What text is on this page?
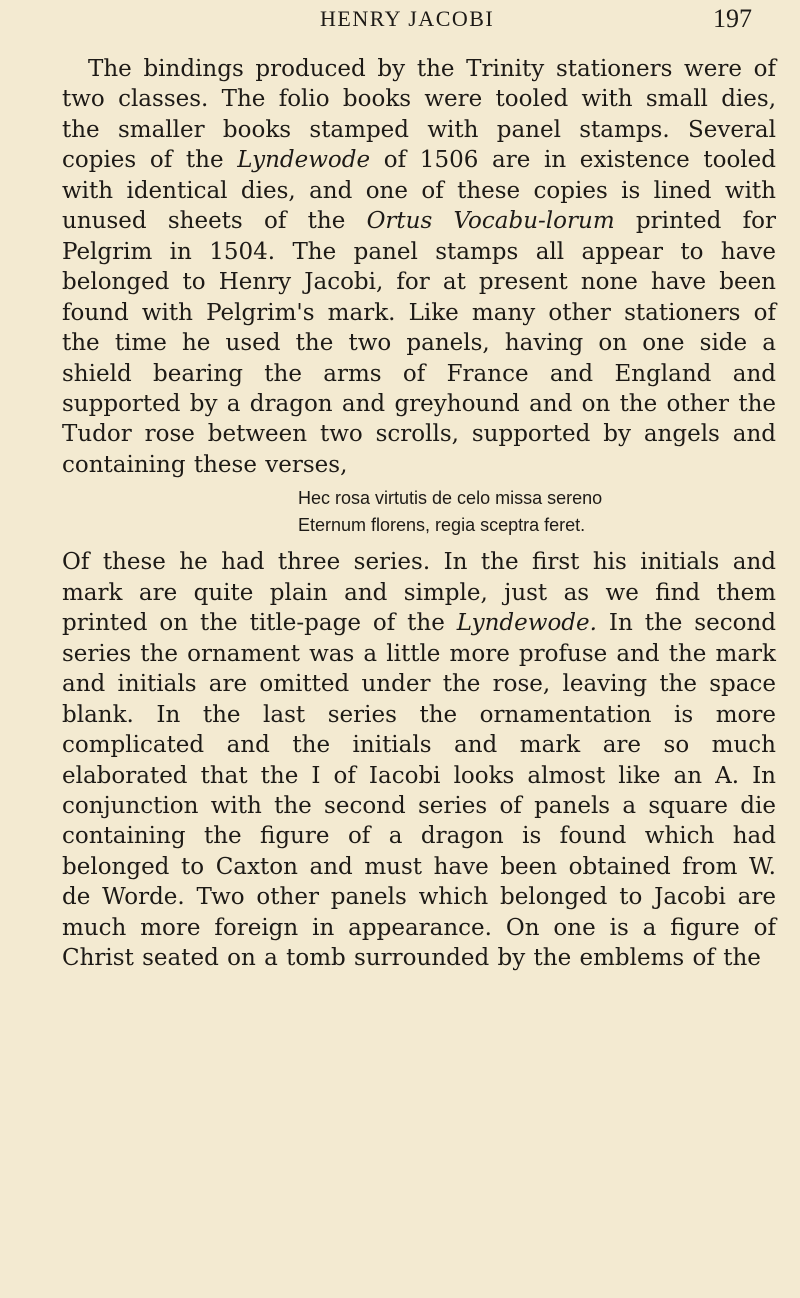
HENRY JACOBI	197

The bindings produced by the Trinity stationers were of two classes. The folio books were tooled with small dies, the smaller books stamped with panel stamps. Several copies of the Lyndewode of 1506 are in existence tooled with identical dies, and one of these copies is lined with unused sheets of the Ortus Vocabu-lorum printed for Pelgrim in 1504. The panel stamps all appear to have belonged to Henry Jacobi, for at present none have been found with Pelgrim's mark. Like many other stationers of the time he used the two panels, having on one side a shield bearing the arms of France and England and supported by a dragon and greyhound and on the other the Tudor rose between two scrolls, supported by angels and containing these verses,

Hec rosa virtutis de celo missa sereno
Eternum florens, regia sceptra feret.

Of these he had three series. In the first his initials and mark are quite plain and simple, just as we find them printed on the title-page of the Lyndewode. In the second series the ornament was a little more profuse and the mark and initials are omitted under the rose, leaving the space blank. In the last series the ornamentation is more complicated and the initials and mark are so much elaborated that the I of Iacobi looks almost like an A. In conjunction with the second series of panels a square die containing the figure of a dragon is found which had belonged to Caxton and must have been obtained from W. de Worde. Two other panels which belonged to Jacobi are much more foreign in appearance. On one is a figure of Christ seated on a tomb surrounded by the emblems of the
